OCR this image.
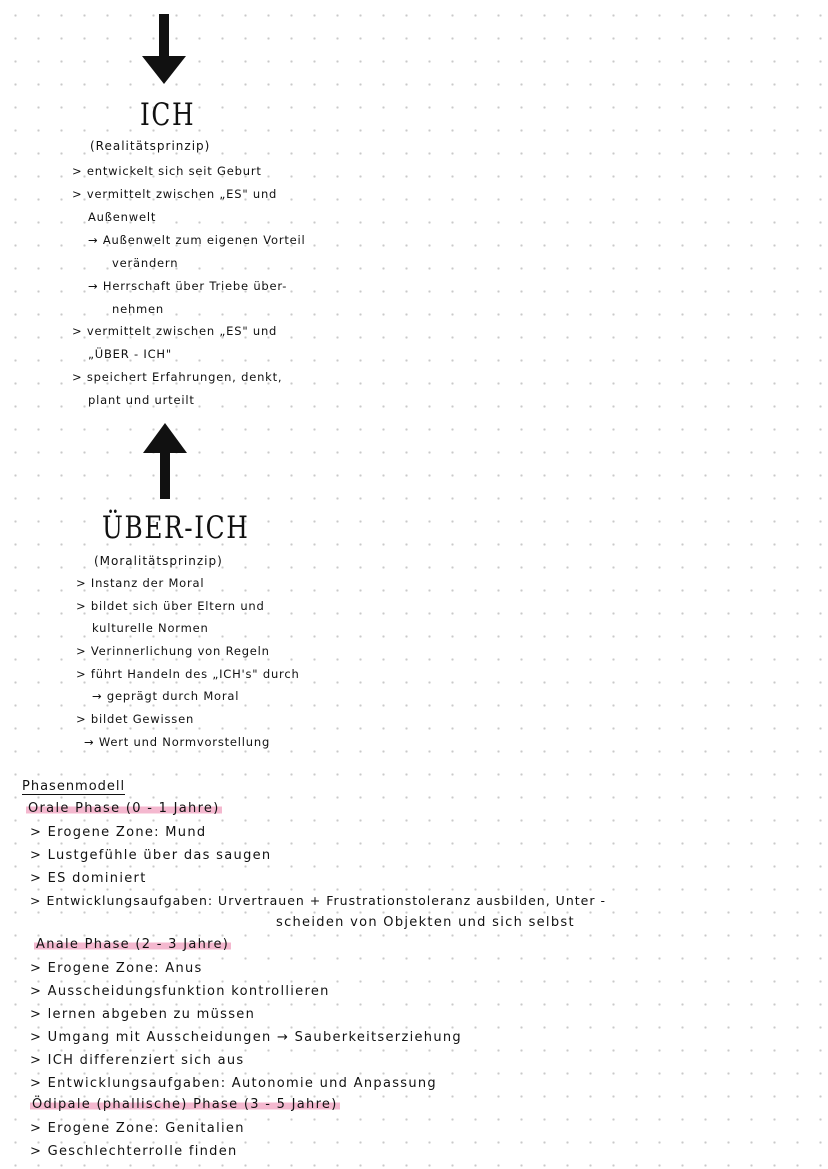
ICH
(Realitätsprinzip)
> entwickelt sich seit Geburt
> vermittelt zwischen „ES" und
Außenwelt
→ Außenwelt zum eigenen Vorteil
verändern
→ Herrschaft über Triebe über-
nehmen
> vermittelt zwischen „ES" und
„ÜBER - ICH"
> speichert Erfahrungen, denkt,
plant und urteilt
ÜBER-ICH
(Moralitätsprinzip)
> Instanz der Moral
> bildet sich über Eltern und
kulturelle Normen
> Verinnerlichung von Regeln
> führt Handeln des „ICH's" durch
→ geprägt durch Moral
> bildet Gewissen
→ Wert und Normvorstellung
Phasenmodell
Orale Phase (0 - 1 Jahre)
> Erogene Zone: Mund
> Lustgefühle über das saugen
> ES dominiert
> Entwicklungsaufgaben: Urvertrauen + Frustrationstoleranz ausbilden, Unter -
scheiden von Objekten und sich selbst
Anale Phase (2 - 3 Jahre)
> Erogene Zone: Anus
> Ausscheidungsfunktion kontrollieren
> lernen abgeben zu müssen
> Umgang mit Ausscheidungen → Sauberkeitserziehung
> ICH differenziert sich aus
> Entwicklungsaufgaben: Autonomie und Anpassung
Ödipale (phallische) Phase (3 - 5 Jahre)
> Erogene Zone: Genitalien
> Geschlechterrolle finden
